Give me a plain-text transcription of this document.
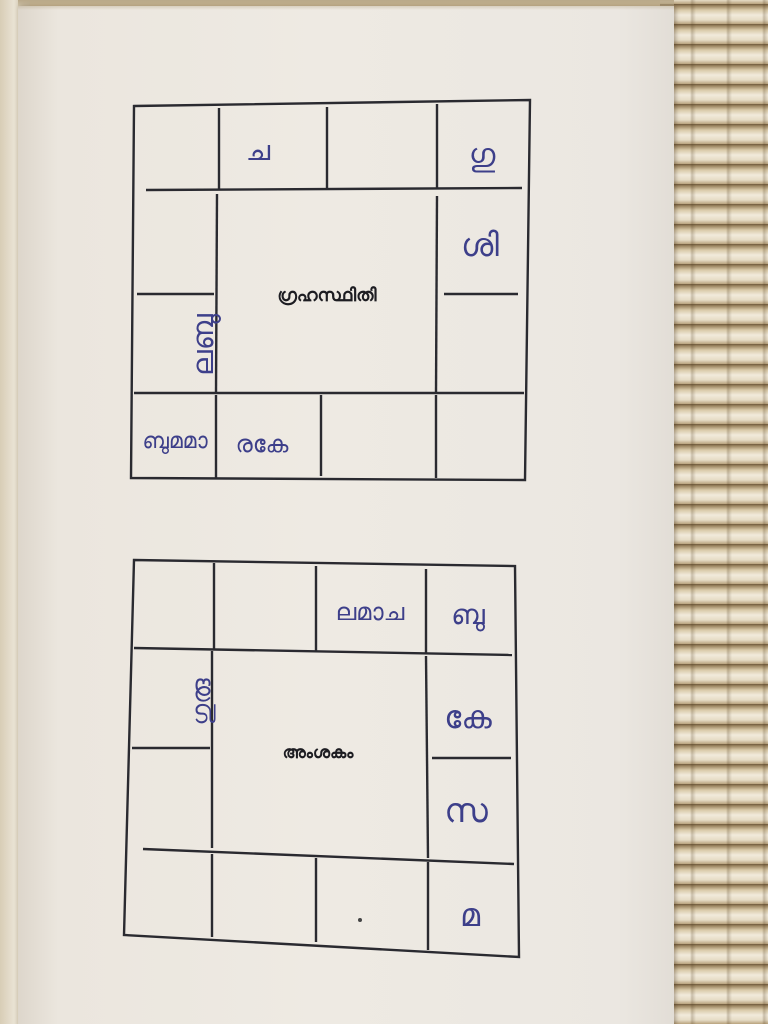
ഗ്രഹസ്ഥിതി
ച	ഗു
ശി
ലബു
ബുമമാ രകേ
അംശകം
ലമാച ബു
ഗുരു	കേ
സ
മ
